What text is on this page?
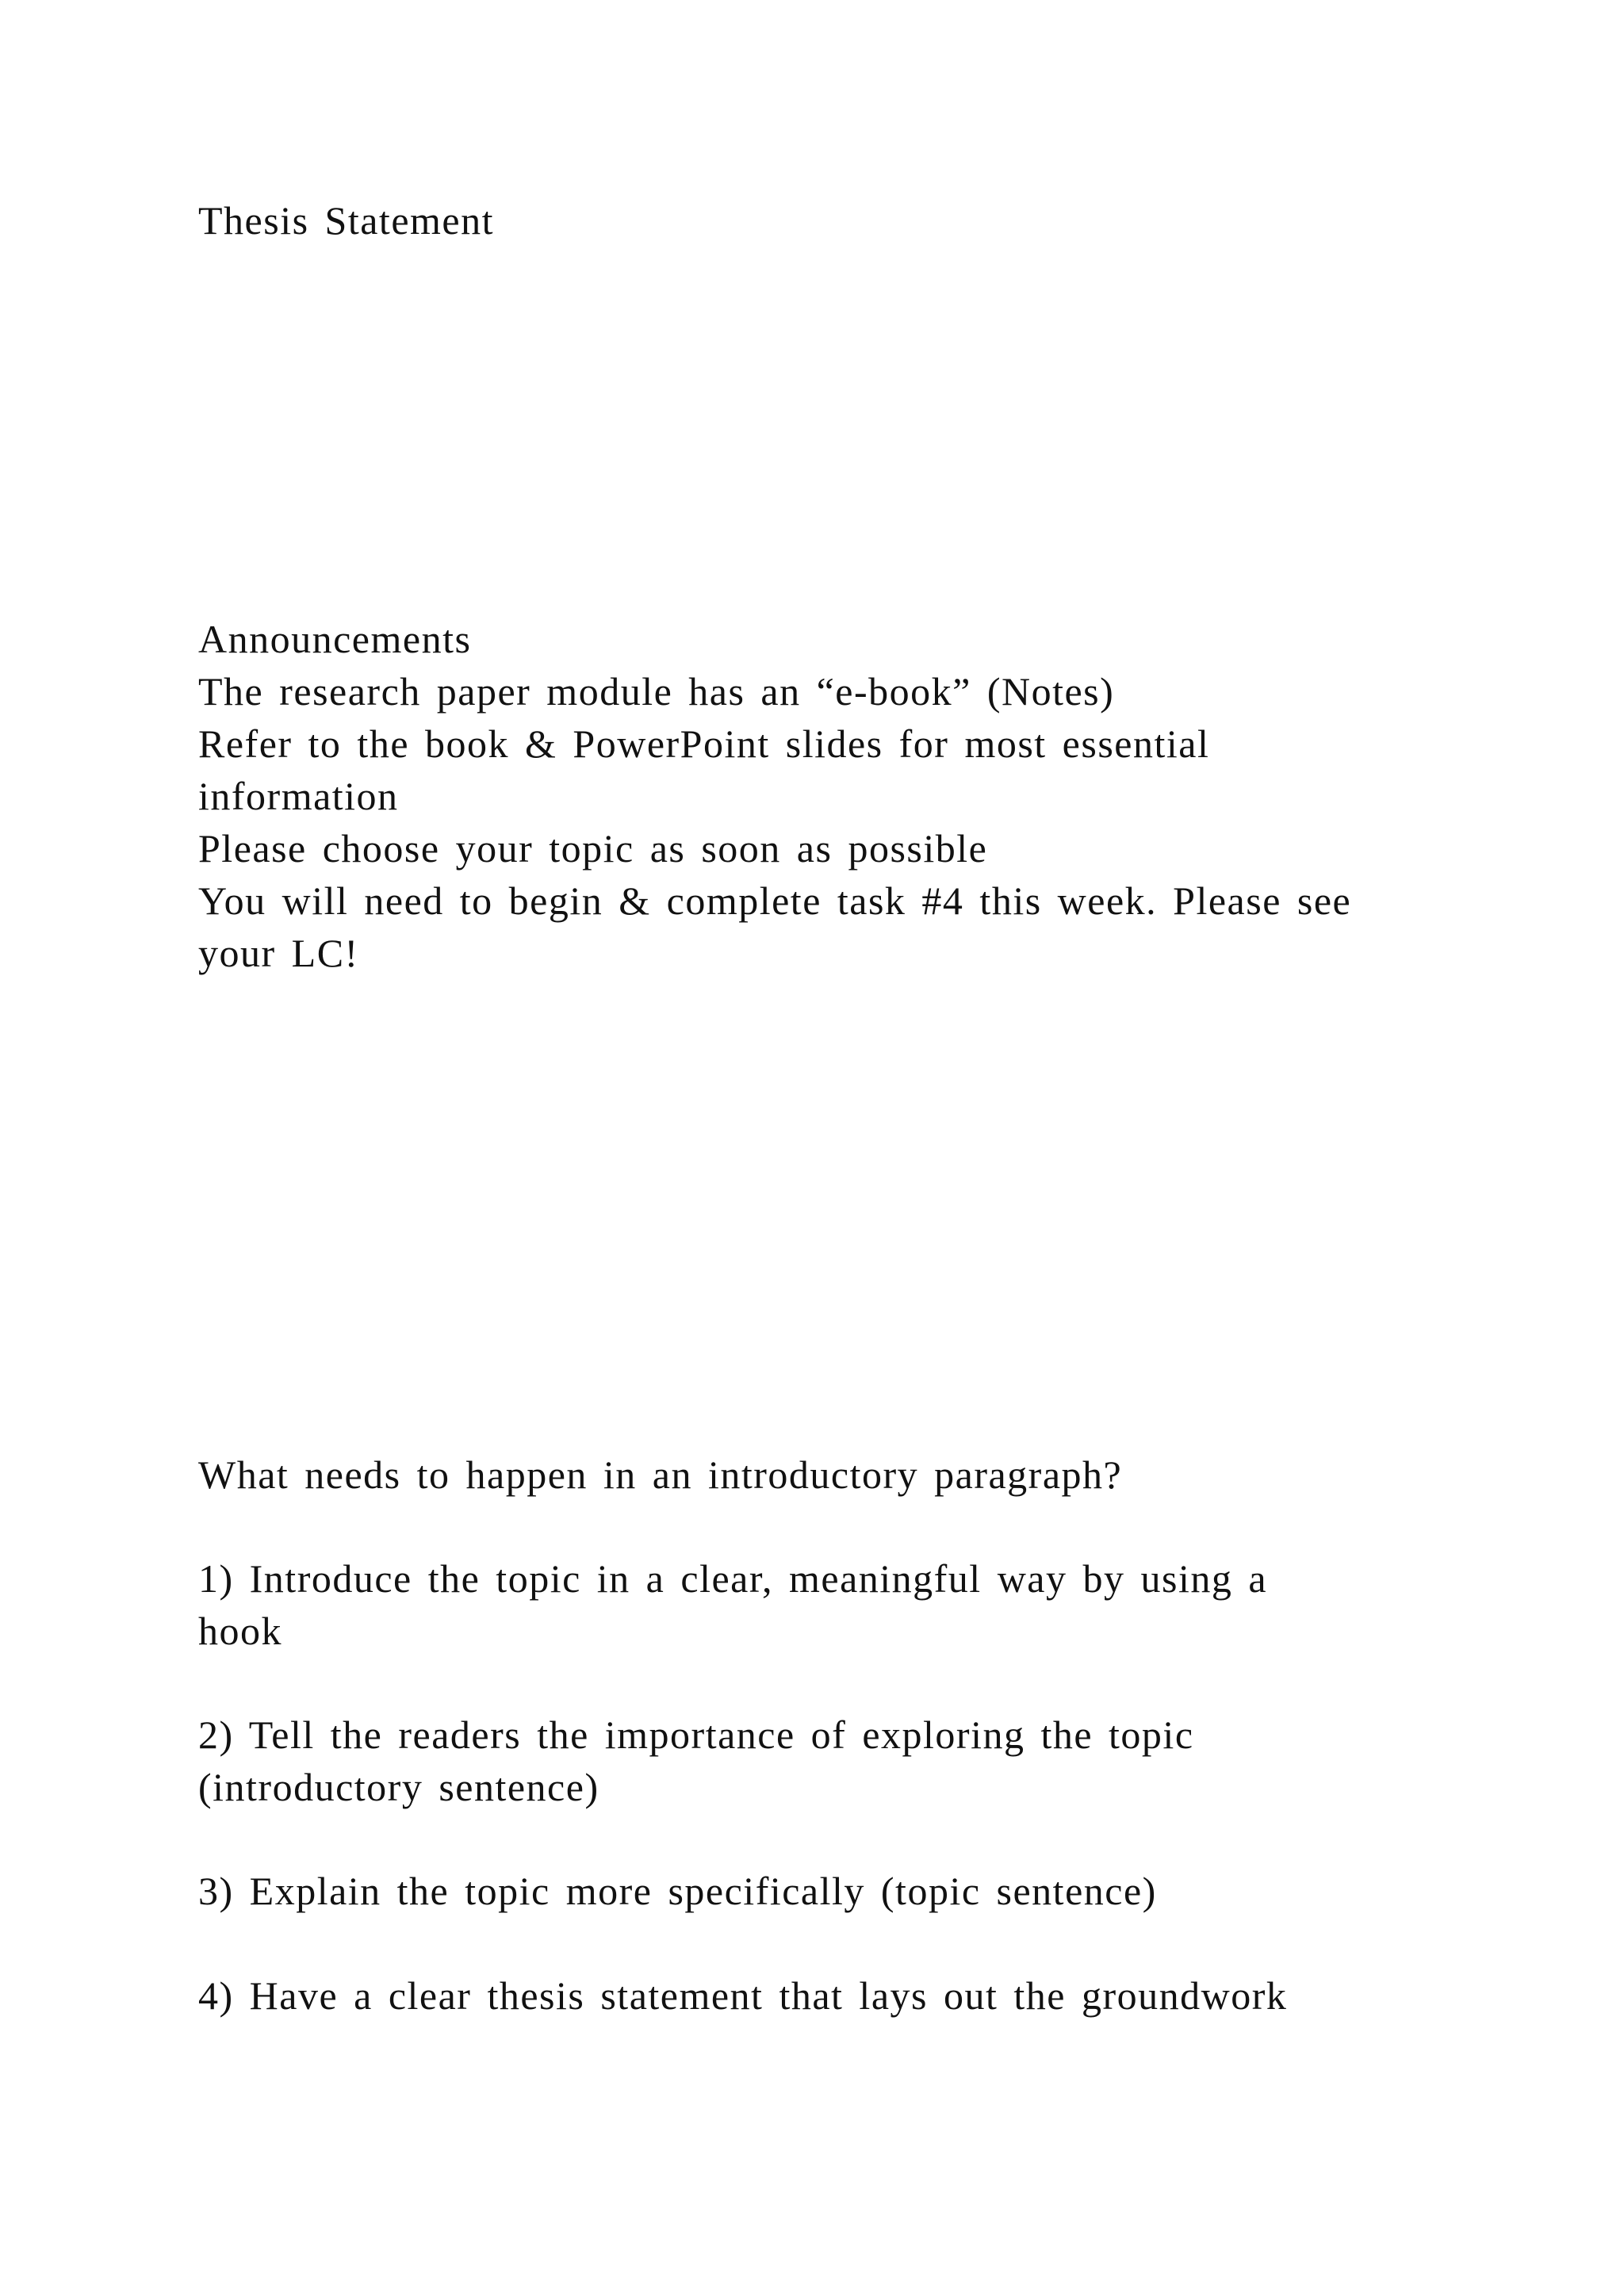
Thesis Statement
Announcements
The research paper module has an “e-book” (Notes)
Refer to the book & PowerPoint slides for most essential
information
Please choose your topic as soon as possible
You will need to begin & complete task #4 this week. Please see
your LC!
What needs to happen in an introductory paragraph?
1) Introduce the topic in a clear, meaningful way by using a
hook
2) Tell the readers the importance of exploring the topic
(introductory sentence)
3) Explain the topic more specifically (topic sentence)
4) Have a clear thesis statement that lays out the groundwork
